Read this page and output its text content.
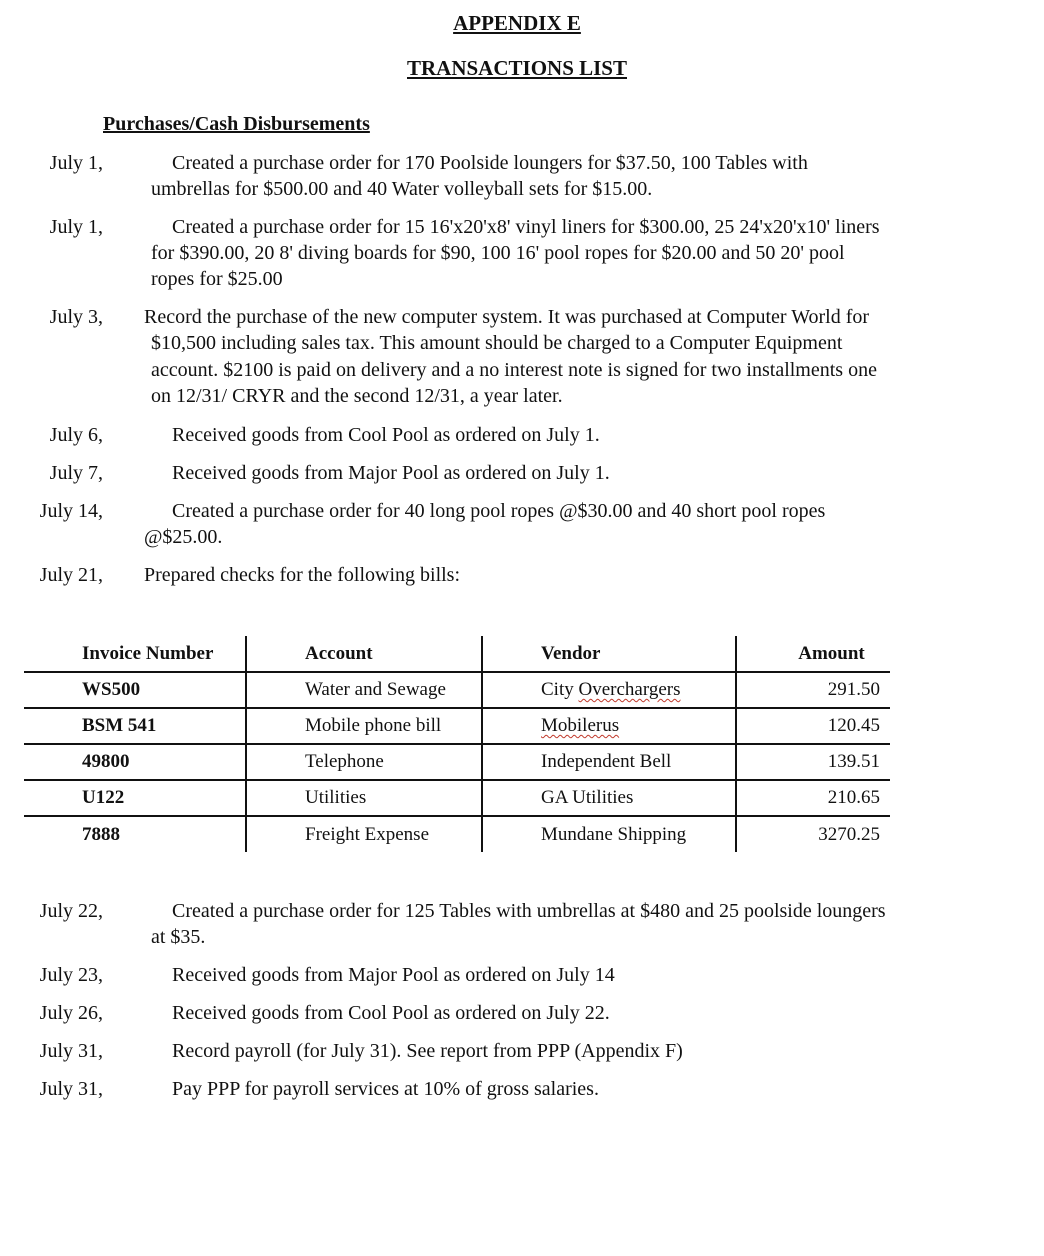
APPENDIX E
TRANSACTIONS LIST
Purchases/Cash Disbursements
July 1,	Created a purchase order for 170 Poolside loungers for $37.50, 100 Tables with
umbrellas for $500.00 and 40 Water volleyball sets for $15.00.
July 1,	Created a purchase order for 15 16'x20'x8' vinyl liners for $300.00, 25 24'x20'x10' liners
for $390.00, 20 8' diving boards for $90, 100 16' pool ropes for $20.00 and 50 20' pool
ropes for $25.00
July 3, Record the purchase of the new computer system. It was purchased at Computer World for
$10,500 including sales tax. This amount should be charged to a Computer Equipment
account. $2100 is paid on delivery and a no interest note is signed for two installments one
on 12/31/ CRYR and the second 12/31, a year later.
July 6,	Received goods from Cool Pool as ordered on July 1.
July 7,	Received goods from Major Pool as ordered on July 1.
July 14,	Created a purchase order for 40 long pool ropes @$30.00 and 40 short pool ropes
@$25.00.
July 21, Prepared checks for the following bills:
Invoice Number	Account	Vendor	Amount
WS500	Water and Sewage	City Overchargers	291.50
BSM 541	Mobile phone bill	Mobilerus	120.45
49800	Telephone	Independent Bell	139.51
U122	Utilities	GA Utilities	210.65
7888	Freight Expense	Mundane Shipping	3270.25
July 22,	Created a purchase order for 125 Tables with umbrellas at $480 and 25 poolside loungers
at $35.
July 23,	Received goods from Major Pool as ordered on July 14
July 26,	Received goods from Cool Pool as ordered on July 22.
July 31,	Record payroll (for July 31). See report from PPP (Appendix F)
July 31,	Pay PPP for payroll services at 10% of gross salaries.
